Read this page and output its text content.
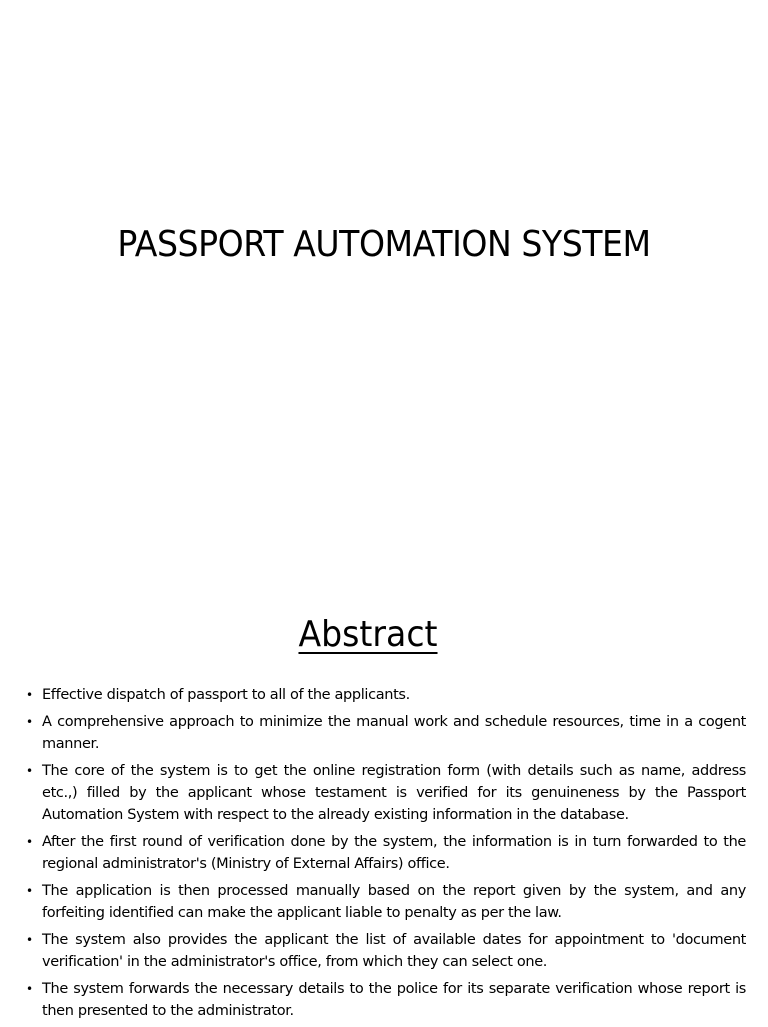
PASSPORT AUTOMATION SYSTEM
Abstract
• Effective dispatch of passport to all of the applicants.
• A comprehensive approach to minimize the manual work and schedule resources, time in a cogent manner.
• The core of the system is to get the online registration form (with details such as name, address etc.,) filled by the applicant whose testament is verified for its genuineness by the Passport Automation System with respect to the already existing information in the database.
• After the first round of verification done by the system, the information is in turn forwarded to the regional administrator's (Ministry of External Affairs) office.
• The application is then processed manually based on the report given by the system, and any forfeiting identified can make the applicant liable to penalty as per the law.
• The system also provides the applicant the list of available dates for appointment to 'document verification' in the administrator's office, from which they can select one.
• The system forwards the necessary details to the police for its separate verification whose report is then presented to the administrator.
